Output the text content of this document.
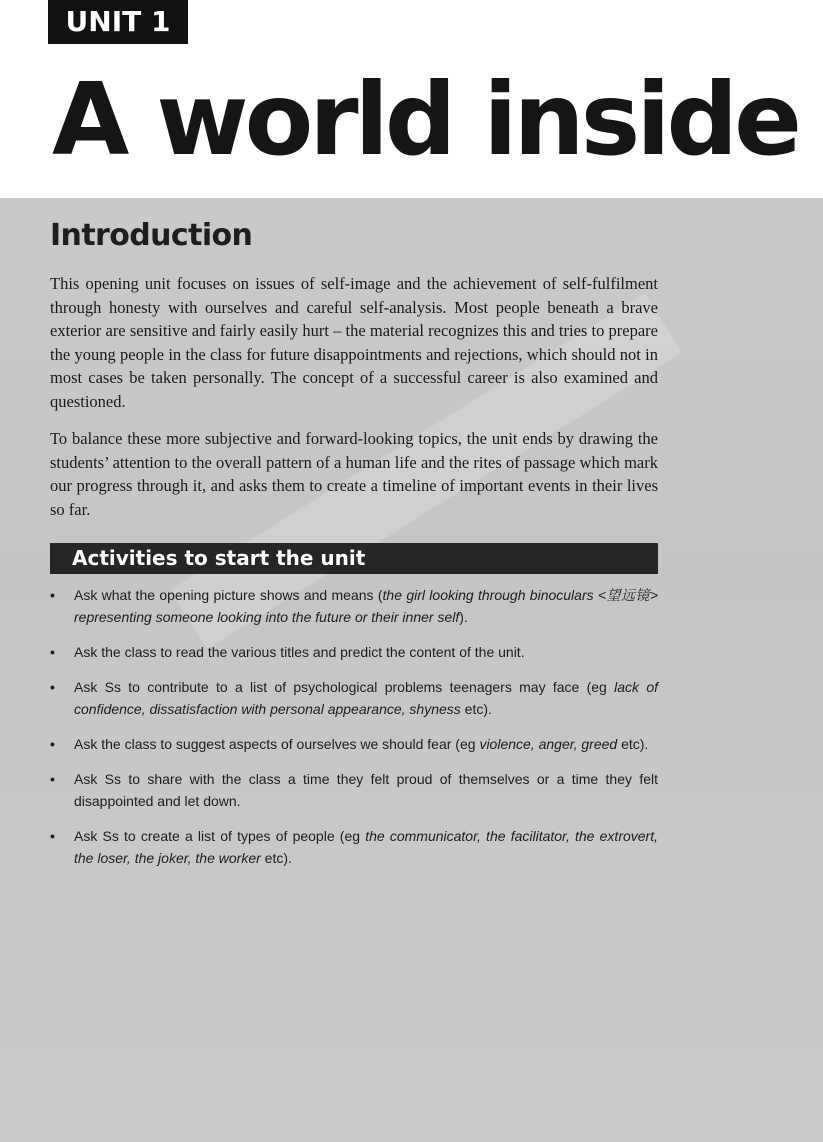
UNIT 1
A world inside
Introduction

This opening unit focuses on issues of self-image and the achievement of self-fulfilment through honesty with ourselves and careful self-analysis. Most people beneath a brave exterior are sensitive and fairly easily hurt – the material recognizes this and tries to prepare the young people in the class for future disappointments and rejections, which should not in most cases be taken personally. The concept of a successful career is also examined and questioned.

To balance these more subjective and forward-looking topics, the unit ends by drawing the students’ attention to the overall pattern of a human life and the rites of passage which mark our progress through it, and asks them to create a timeline of important events in their lives so far.

Activities to start the unit
• Ask what the opening picture shows and means (the girl looking through binoculars <望远镜> representing someone looking into the future or their inner self).
• Ask the class to read the various titles and predict the content of the unit.
• Ask Ss to contribute to a list of psychological problems teenagers may face (eg lack of confidence, dissatisfaction with personal appearance, shyness etc).
• Ask the class to suggest aspects of ourselves we should fear (eg violence, anger, greed etc).
• Ask Ss to share with the class a time they felt proud of themselves or a time they felt disappointed and let down.
• Ask Ss to create a list of types of people (eg the communicator, the facilitator, the extrovert, the loser, the joker, the worker etc).
